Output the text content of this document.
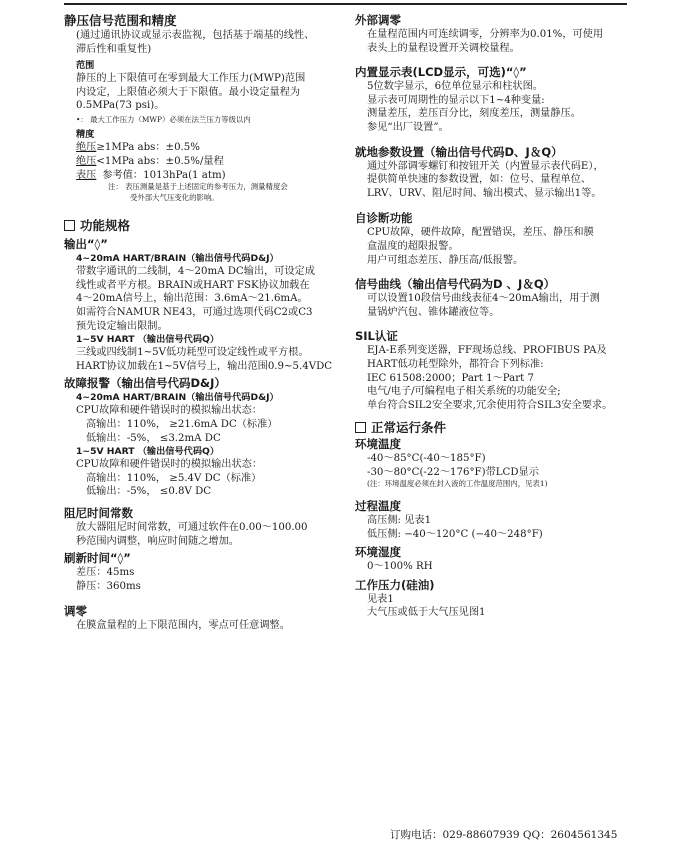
静压信号范围和精度

(通过通讯协议或显示表监视，包括基于端基的线性、

滞后性和重复性)

范围

静压的上下限值可在零到最大工作压力(MWP)范围

内设定，上限值必须大于下限值。最小设定量程为

0.5MPa(73 psi)。

•： 最大工作压力（MWP）必须在法兰压力等级以内

精度

绝压 ≥1MPa abs：±0.5%

绝压 <1MPa abs：±0.5%/量程

表压 参考值：1013hPa(1 atm)

注： 表压测量是基于上述固定的参考压力，测量精度会

受外部大气压变化的影响。

功能规格

输出“◊”

4~20mA HART/BRAIN（输出信号代码D&J）

带数字通讯的二线制，4～20mA DC输出，可设定成

线性或者平方根。BRAIN或HART FSK协议加载在

4～20mA信号上，输出范围：3.6mA～21.6mA。

如需符合NAMUR NE43，可通过选项代码C2或C3

预先设定输出限制。

1~5V HART （输出信号代码Q）

三线或四线制1~5V低功耗型可设定线性或平方根。

HART协议加载在1~5V信号上，输出范围0.9~5.4VDC

故障报警（输出信号代码D&J）

4~20mA HART/BRAIN（输出信号代码D&J）

CPU故障和硬件错误时的模拟输出状态：

高输出：110%， ≥21.6mA DC（标准）

低输出：-5%， ≤3.2mA DC

1~5V HART （输出信号代码Q）

CPU故障和硬件错误时的模拟输出状态：

高输出：110%， ≥5.4V DC（标准）

低输出：-5%， ≤0.8V DC

阻尼时间常数

放大器阻尼时间常数，可通过软件在0.00～100.00

秒范围内调整，响应时间随之增加。

刷新时间“◊”

差压：45ms

静压：360ms

调零

在膜盒量程的上下限范围内，零点可任意调整。

外部调零

在量程范围内可连续调零，分辨率为0.01%，可使用

表头上的量程设置开关调校量程。

内置显示表(LCD显示，可选)“◊”

5位数字显示，6位单位显示和柱状图。

显示表可周期性的显示以下1~4种变量:

测量差压，差压百分比，刻度差压，测量静压。

参见“出厂设置”。

就地参数设置（输出信号代码D、J＆Q）

通过外部调零螺钉和按钮开关（内置显示表代码E），

提供简单快速的参数设置，如：位号、量程单位、

LRV、URV、阻尼时间、输出模式、显示输出1等。

自诊断功能

CPU故障，硬件故障，配置错误，差压、静压和膜

盒温度的超限报警。

用户可组态差压、静压高/低报警。

信号曲线（输出信号代码为D 、J＆Q）

可以设置10段信号曲线表征4～20mA输出，用于测

量锅炉汽包、锥体罐液位等。

SIL认证

EJA-E系列变送器，FF现场总线、PROFIBUS PA及

HART低功耗型除外，都符合下列标准:

IEC 61508:2000；Part 1～Part 7

电气/电子/可编程电子相关系统的功能安全;

单台符合SIL2安全要求,冗余使用符合SIL3安全要求。

正常运行条件

环境温度

-40～85°C(-40～185°F)

-30～80°C(-22～176°F)带LCD显示

(注：环境温度必须在封入液的工作温度范围内，见表1)

过程温度

高压侧: 见表1

低压侧: −40～120°C (−40～248°F)

环境湿度

0～100% RH

工作压力(硅油)

见表1

大气压或低于大气压见图1

订购电话：029-88607939 QQ：2604561345
